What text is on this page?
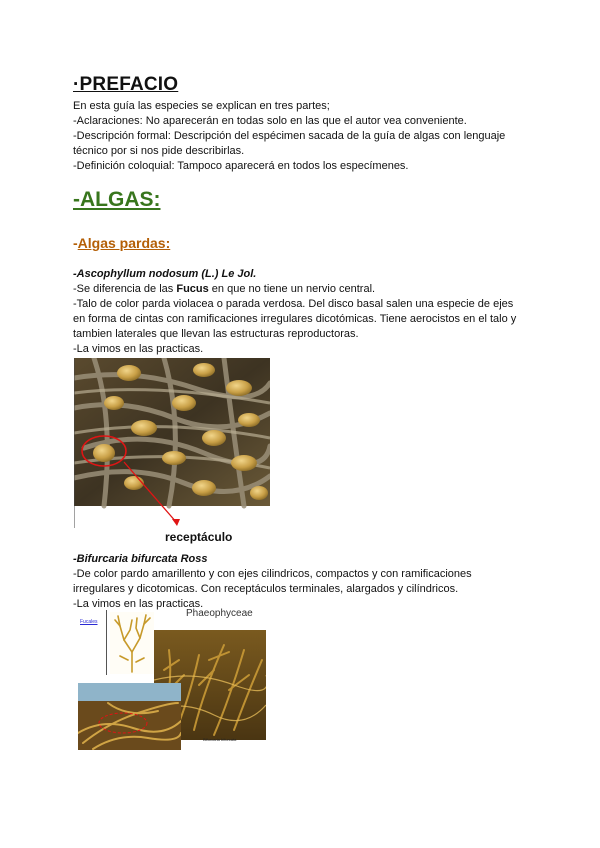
·PREFACIO
En esta guía las especies se explican en tres partes;
-Aclaraciones: No aparecerán en todas solo en las que el autor vea conveniente.
-Descripción formal: Descripción del espécimen sacada de la guía de algas con lenguaje
técnico por si nos pide describirlas.
-Definición coloquial: Tampoco aparecerá en todos los especímenes.
-ALGAS:
-Algas pardas:
-Ascophyllum nodosum (L.) Le Jol.
-Se diferencia de las Fucus en que no tiene un nervio central.
-Talo de color parda violacea o parada verdosa. Del disco basal salen una especie de ejes
en forma de cintas con ramificaciones irregulares dicotómicas. Tiene aerocistos en el talo y
tambien laterales que llevan las estructuras reproductoras.
-La vimos en las practicas.
receptáculo
-Bifurcaria bifurcata Ross
-De color pardo amarillento y con ejes cilindricos, compactos y con ramificaciones
irregulares y dicotomicas. Con receptáculos terminales, alargados y cilíndricos.
-La vimos en las practicas.
Phaeophyceae
Fucales
Bifurcaria bifurcata
